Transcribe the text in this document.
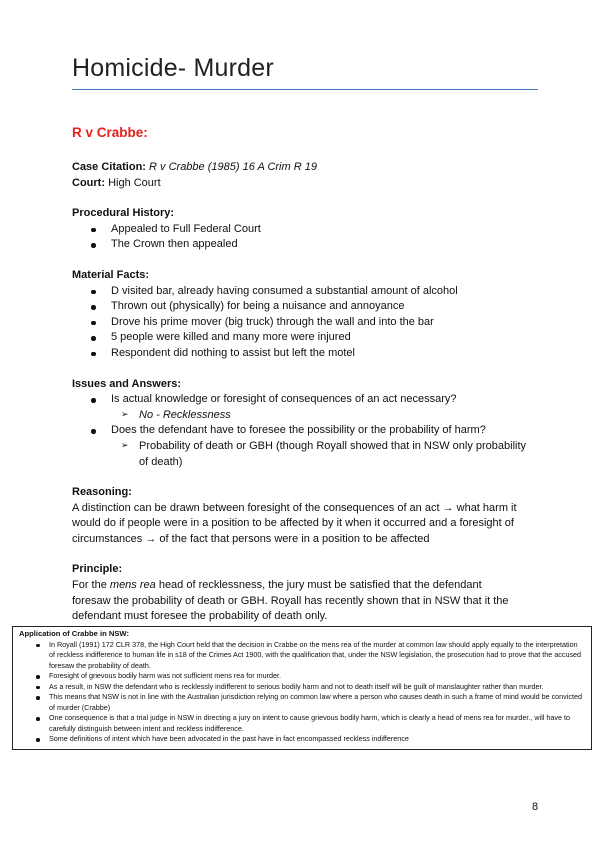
Homicide- Murder
R v Crabbe:
Case Citation: R v Crabbe (1985) 16 A Crim R 19
Court: High Court
Procedural History:
Appealed to Full Federal Court
The Crown then appealed
Material Facts:
D visited bar, already having consumed a substantial amount of alcohol
Thrown out (physically) for being a nuisance and annoyance
Drove his prime mover (big truck) through the wall and into the bar
5 people were killed and many more were injured
Respondent did nothing to assist but left the motel
Issues and Answers:
Is actual knowledge or foresight of consequences of an act necessary?
➢ No - Recklessness
Does the defendant have to foresee the possibility or the probability of harm?
➢ Probability of death or GBH (though Royall showed that in NSW only probability
of death)
Reasoning:
A distinction can be drawn between foresight of the consequences of an act → what harm it
would do if people were in a position to be affected by it when it occurred and a foresight of
circumstances → of the fact that persons were in a position to be affected
Principle:
For the mens rea head of recklessness, the jury must be satisfied that the defendant
foresaw the probability of death or GBH. Royall has recently shown that in NSW that it the
defendant must foresee the probability of death only.
Application of Crabbe in NSW:
In Royall (1991) 172 CLR 378, the High Court held that the decision in Crabbe on the mens rea of the murder at common law should apply equally to the interpretation of reckless indifference to human life in s18 of the Crimes Act 1900, with the qualification that, under the NSW legislation, the prosecution had to prove that the accused foresaw the probability of death.
Foresight of grievous bodily harm was not sufficient mens rea for murder.
As a result, in NSW the defendant who is recklessly indifferent to serious bodily harm and not to death itself will be guilt of manslaughter rather than murder.
This means that NSW is not in line with the Australian jurisdiction relying on common law where a person who causes death in such a frame of mind would be convicted of murder (Crabbe)
One consequence is that a trial judge in NSW in directing a jury on intent to cause grievous bodily harm, which is clearly a head of mens rea for murder., will have to carefully distinguish between intent and reckless indifference.
Some definitions of intent which have been advocated in the past have in fact encompassed reckless indifference
8
